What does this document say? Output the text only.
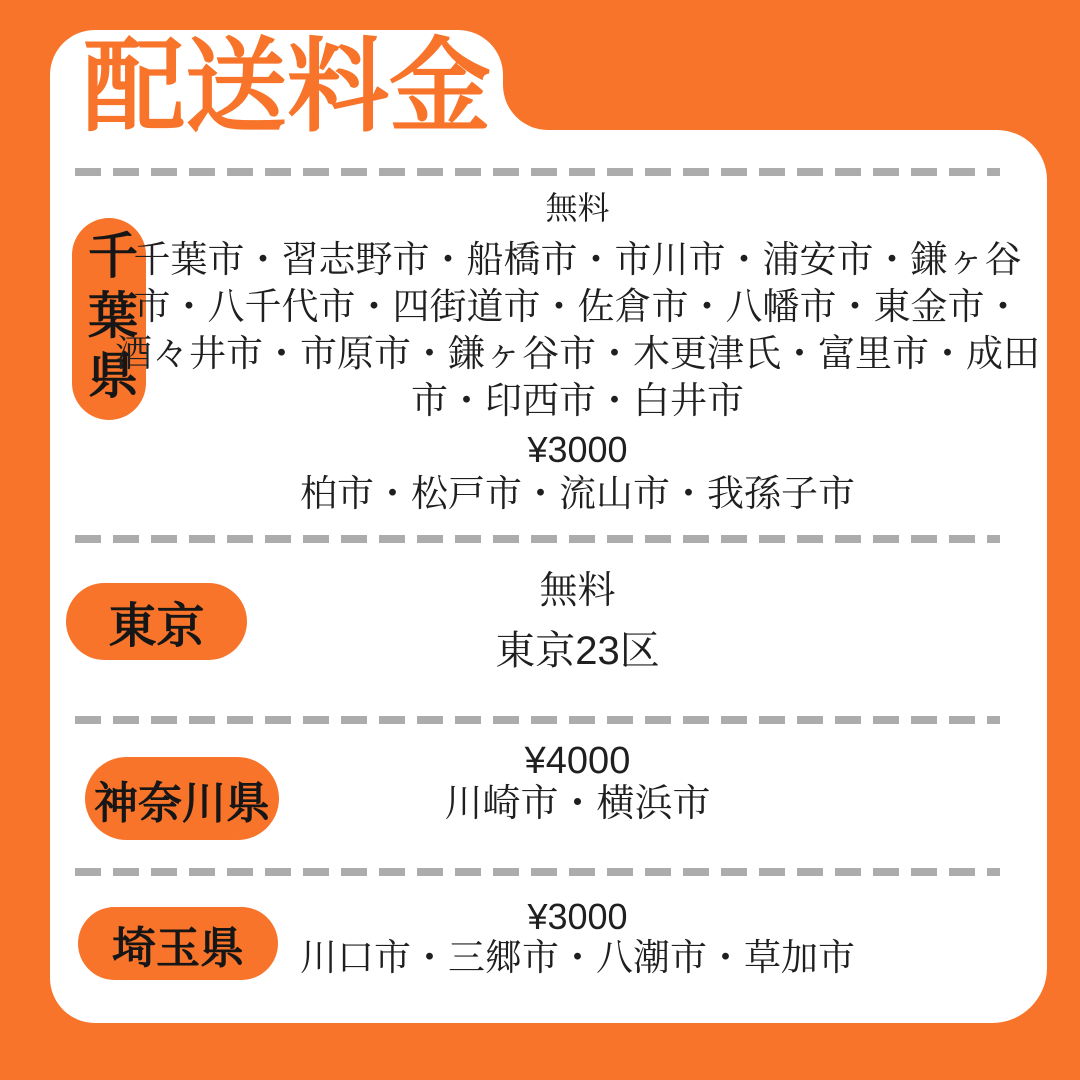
配送料金
千葉県
東京
神奈川県
埼玉県
無料
千葉市・習志野市・船橋市・市川市・浦安市・鎌ヶ谷
市・八千代市・四街道市・佐倉市・八幡市・東金市・
酒々井市・市原市・鎌ヶ谷市・木更津氏・富里市・成田
市・印西市・白井市
¥3000
柏市・松戸市・流山市・我孫子市
無料
東京23区
¥4000
川崎市・横浜市
¥3000
川口市・三郷市・八潮市・草加市
